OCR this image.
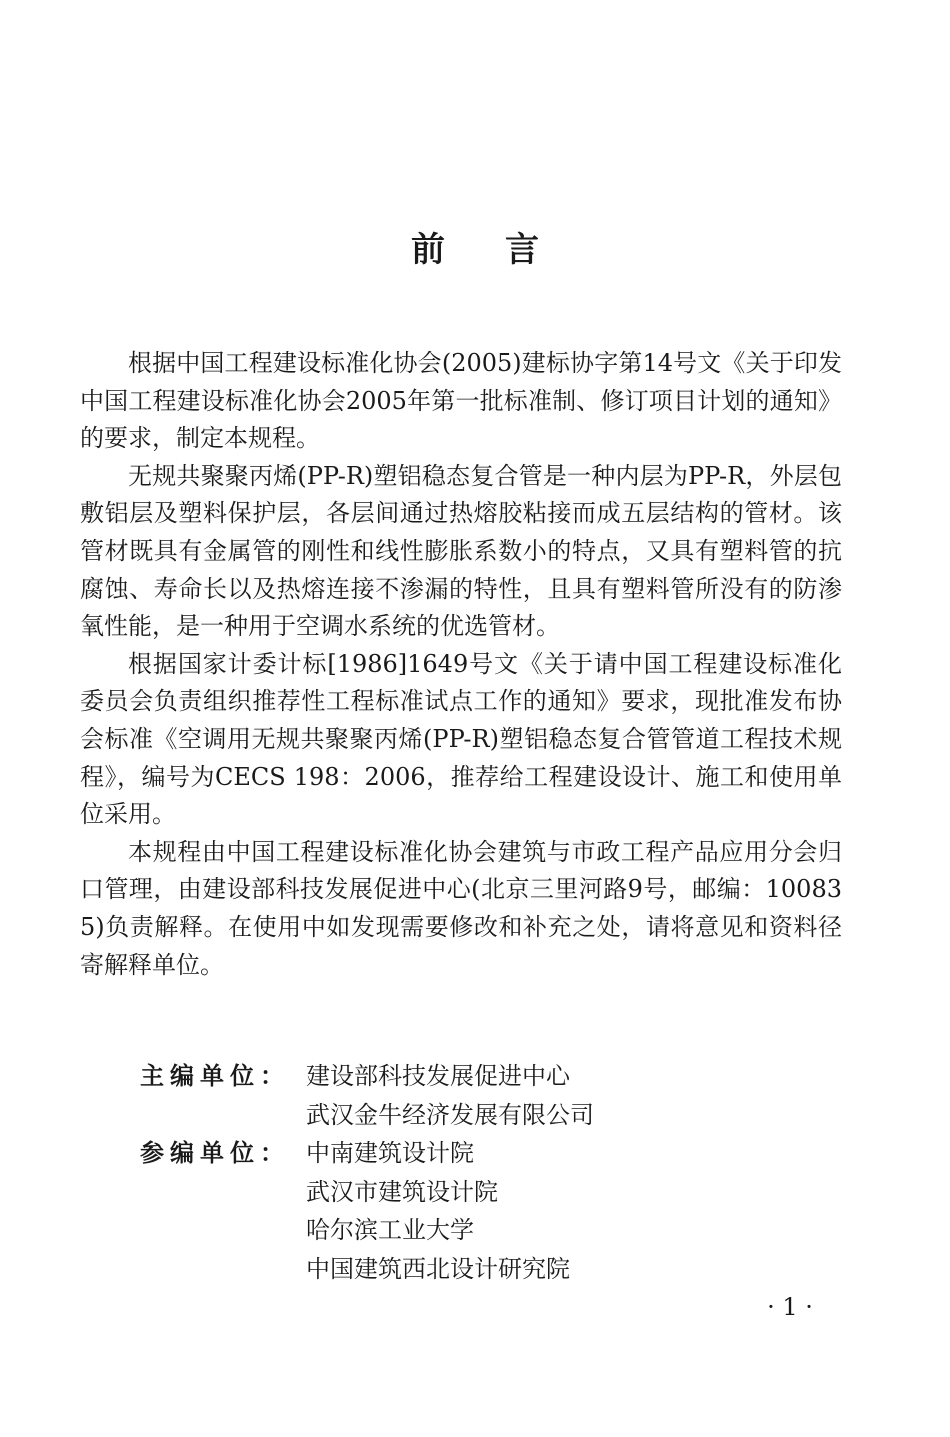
前言

根据中国工程建设标准化协会(2005)建标协字第14号文《关于印发中国工程建设标准化协会2005年第一批标准制、修订项目计划的通知》的要求，制定本规程。

无规共聚聚丙烯(PP-R)塑铝稳态复合管是一种内层为PP-R，外层包敷铝层及塑料保护层，各层间通过热熔胶粘接而成五层结构的管材。该管材既具有金属管的刚性和线性膨胀系数小的特点，又具有塑料管的抗腐蚀、寿命长以及热熔连接不渗漏的特性，且具有塑料管所没有的防渗氧性能，是一种用于空调水系统的优选管材。

根据国家计委计标[1986]1649号文《关于请中国工程建设标准化委员会负责组织推荐性工程标准试点工作的通知》要求，现批准发布协会标准《空调用无规共聚聚丙烯(PP-R)塑铝稳态复合管管道工程技术规程》，编号为CECS 198：2006，推荐给工程建设设计、施工和使用单位采用。

本规程由中国工程建设标准化协会建筑与市政工程产品应用分会归口管理，由建设部科技发展促进中心(北京三里河路9号，邮编：100835)负责解释。在使用中如发现需要修改和补充之处，请将意见和资料径寄解释单位。

主编单位： 建设部科技发展促进中心
武汉金牛经济发展有限公司
参编单位： 中南建筑设计院
武汉市建筑设计院
哈尔滨工业大学
中国建筑西北设计研究院
· 1 ·
